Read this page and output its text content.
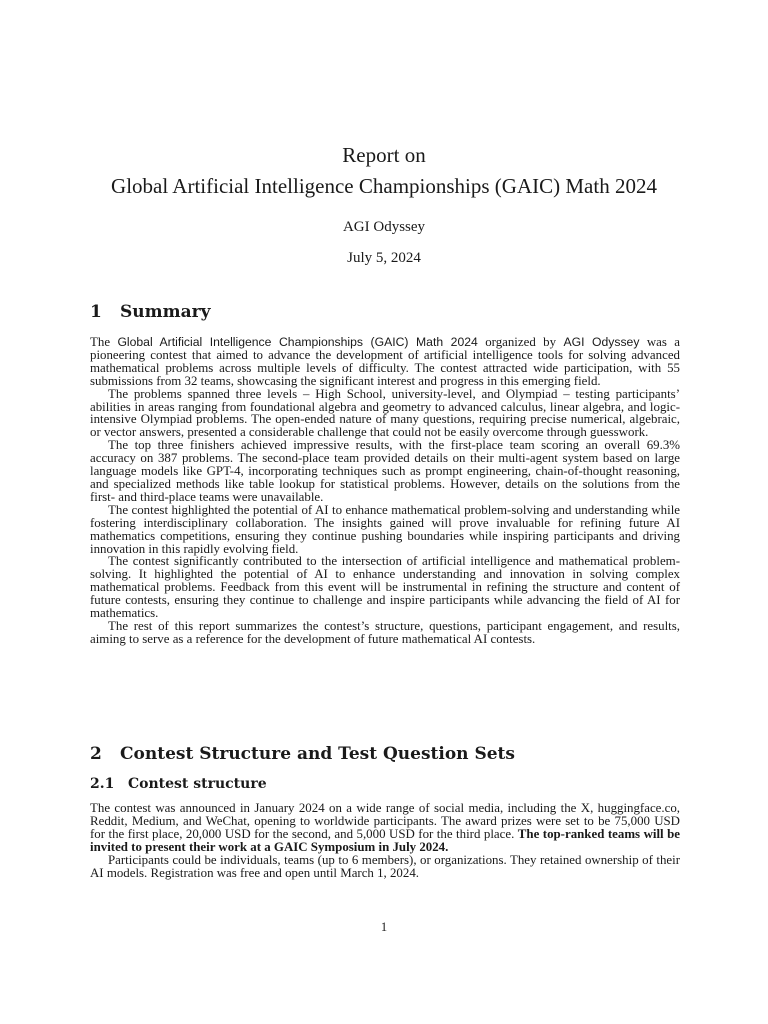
Report on
Global Artificial Intelligence Championships (GAIC) Math 2024
AGI Odyssey
July 5, 2024
1 Summary
The Global Artificial Intelligence Championships (GAIC) Math 2024 organized by AGI Odyssey was a pioneering contest that aimed to advance the development of artificial intelligence tools for solving advanced mathematical problems across multiple levels of difficulty. The contest attracted wide participation, with 55 submissions from 32 teams, showcasing the significant interest and progress in this emerging field.
The problems spanned three levels – High School, university-level, and Olympiad – testing participants’ abilities in areas ranging from foundational algebra and geometry to advanced calculus, linear algebra, and logic-intensive Olympiad problems. The open-ended nature of many questions, requiring precise numerical, algebraic, or vector answers, presented a considerable challenge that could not be easily overcome through guesswork.
The top three finishers achieved impressive results, with the first-place team scoring an overall 69.3% accuracy on 387 problems. The second-place team provided details on their multi-agent system based on large language models like GPT-4, incorporating techniques such as prompt engineering, chain-of-thought reasoning, and specialized methods like table lookup for statistical problems. However, details on the solutions from the first- and third-place teams were unavailable.
The contest highlighted the potential of AI to enhance mathematical problem-solving and understanding while fostering interdisciplinary collaboration. The insights gained will prove invaluable for refining future AI mathematics competitions, ensuring they continue pushing boundaries while inspiring participants and driving innovation in this rapidly evolving field.
The contest significantly contributed to the intersection of artificial intelligence and mathematical problem-solving. It highlighted the potential of AI to enhance understanding and innovation in solving complex mathematical problems. Feedback from this event will be instrumental in refining the structure and content of future contests, ensuring they continue to challenge and inspire participants while advancing the field of AI for mathematics.
The rest of this report summarizes the contest’s structure, questions, participant engagement, and results, aiming to serve as a reference for the development of future mathematical AI contests.
2 Contest Structure and Test Question Sets
2.1 Contest structure
The contest was announced in January 2024 on a wide range of social media, including the X, huggingface.co, Reddit, Medium, and WeChat, opening to worldwide participants. The award prizes were set to be 75,000 USD for the first place, 20,000 USD for the second, and 5,000 USD for the third place. The top-ranked teams will be invited to present their work at a GAIC Symposium in July 2024.
Participants could be individuals, teams (up to 6 members), or organizations. They retained ownership of their AI models. Registration was free and open until March 1, 2024.
1
